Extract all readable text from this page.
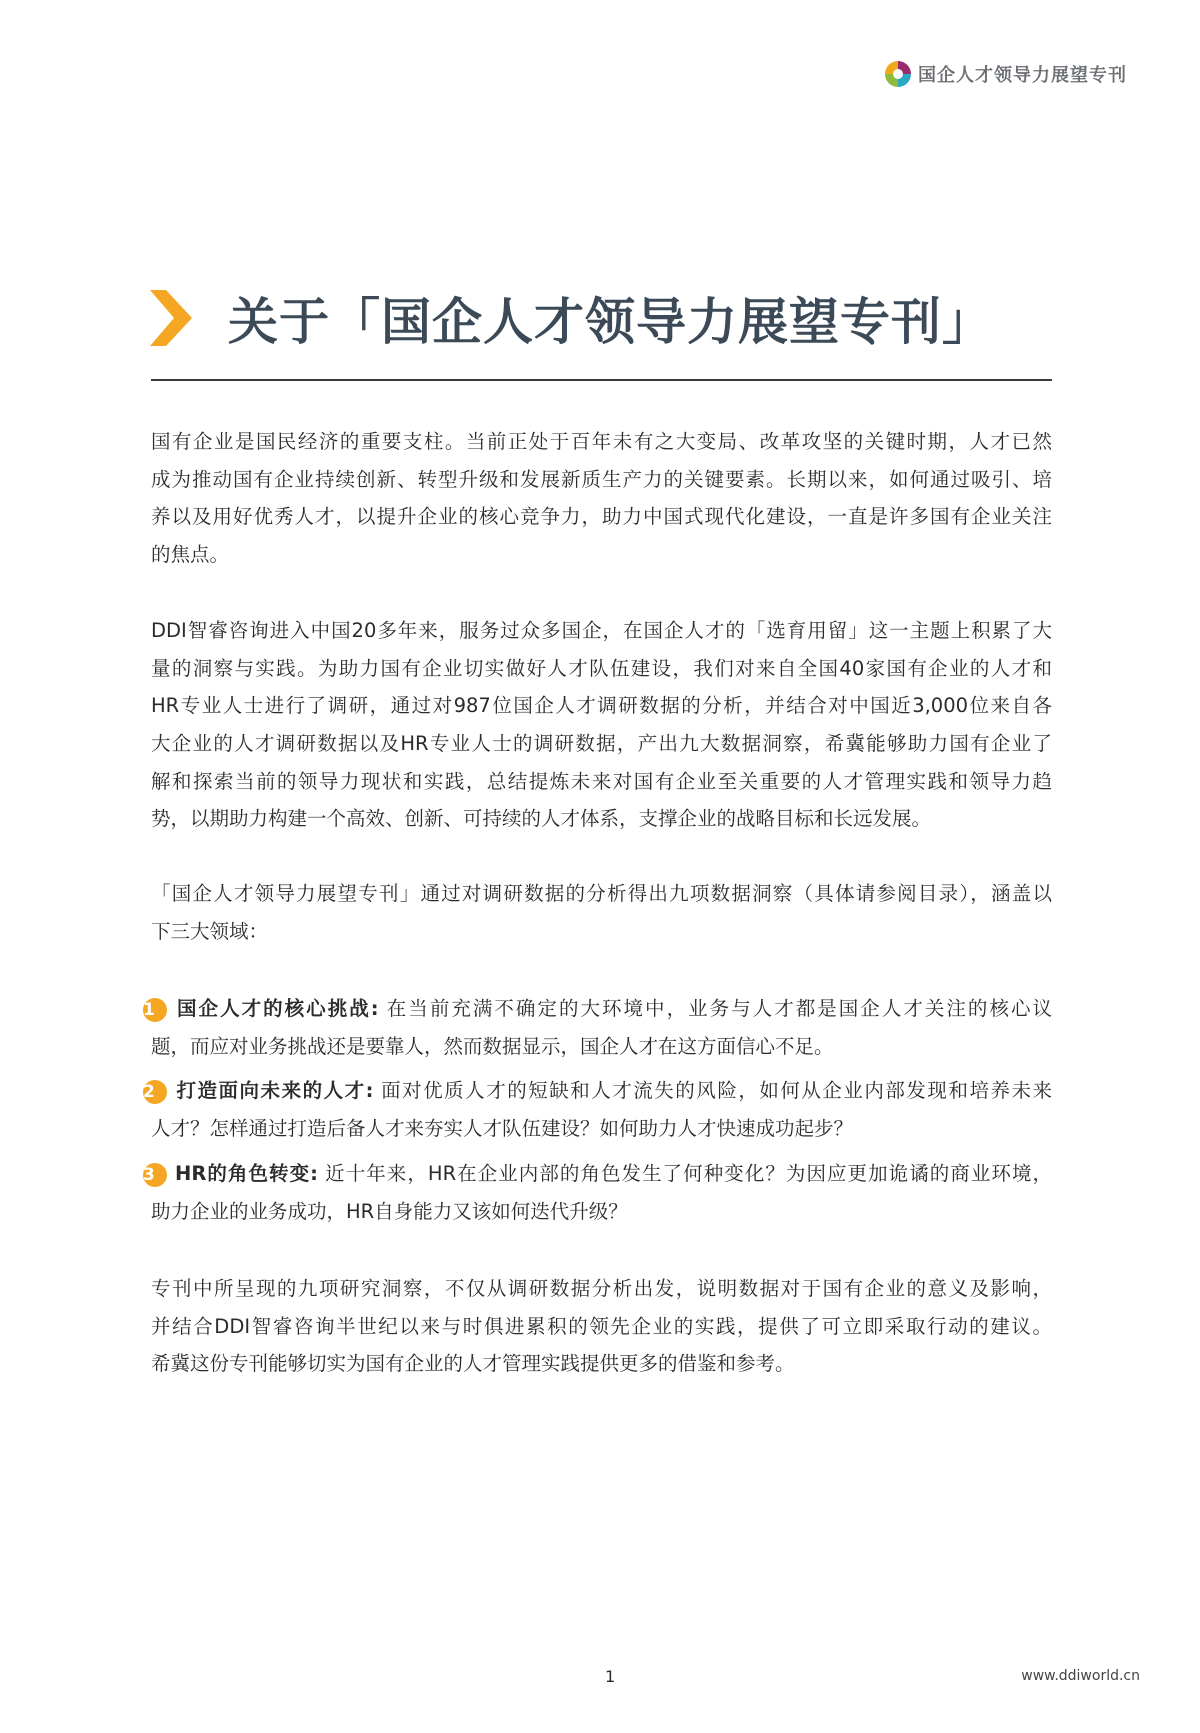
国企人才领导力展望专刊
关于「国企人才领导力展望专刊」
国有企业是国民经济的重要支柱。当前正处于百年未有之大变局、改革攻坚的关键时期，人才已然
成为推动国有企业持续创新、转型升级和发展新质生产力的关键要素。长期以来，如何通过吸引、培
养以及用好优秀人才，以提升企业的核心竞争力，助力中国式现代化建设，一直是许多国有企业关注
的焦点。
DDI智睿咨询进入中国20多年来，服务过众多国企，在国企人才的「选育用留」这一主题上积累了大
量的洞察与实践。为助力国有企业切实做好人才队伍建设，我们对来自全国40家国有企业的人才和
HR专业人士进行了调研，通过对987位国企人才调研数据的分析，并结合对中国近3,000位来自各
大企业的人才调研数据以及HR专业人士的调研数据，产出九大数据洞察，希冀能够助力国有企业了
解和探索当前的领导力现状和实践，总结提炼未来对国有企业至关重要的人才管理实践和领导力趋
势，以期助力构建一个高效、创新、可持续的人才体系，支撑企业的战略目标和长远发展。
「国企人才领导力展望专刊」通过对调研数据的分析得出九项数据洞察（具体请参阅目录），涵盖以
下三大领域：
1 国企人才的核心挑战: 在当前充满不确定的大环境中，业务与人才都是国企人才关注的核心议
题，而应对业务挑战还是要靠人，然而数据显示，国企人才在这方面信心不足。
2 打造面向未来的人才: 面对优质人才的短缺和人才流失的风险，如何从企业内部发现和培养未来
人才？怎样通过打造后备人才来夯实人才队伍建设？如何助力人才快速成功起步？
3 HR的角色转变: 近十年来，HR在企业内部的角色发生了何种变化？为因应更加诡谲的商业环境，
助力企业的业务成功，HR自身能力又该如何迭代升级？
专刊中所呈现的九项研究洞察，不仅从调研数据分析出发，说明数据对于国有企业的意义及影响，
并结合DDI智睿咨询半世纪以来与时俱进累积的领先企业的实践，提供了可立即采取行动的建议。
希冀这份专刊能够切实为国有企业的人才管理实践提供更多的借鉴和参考。
1	www.ddiworld.cn
